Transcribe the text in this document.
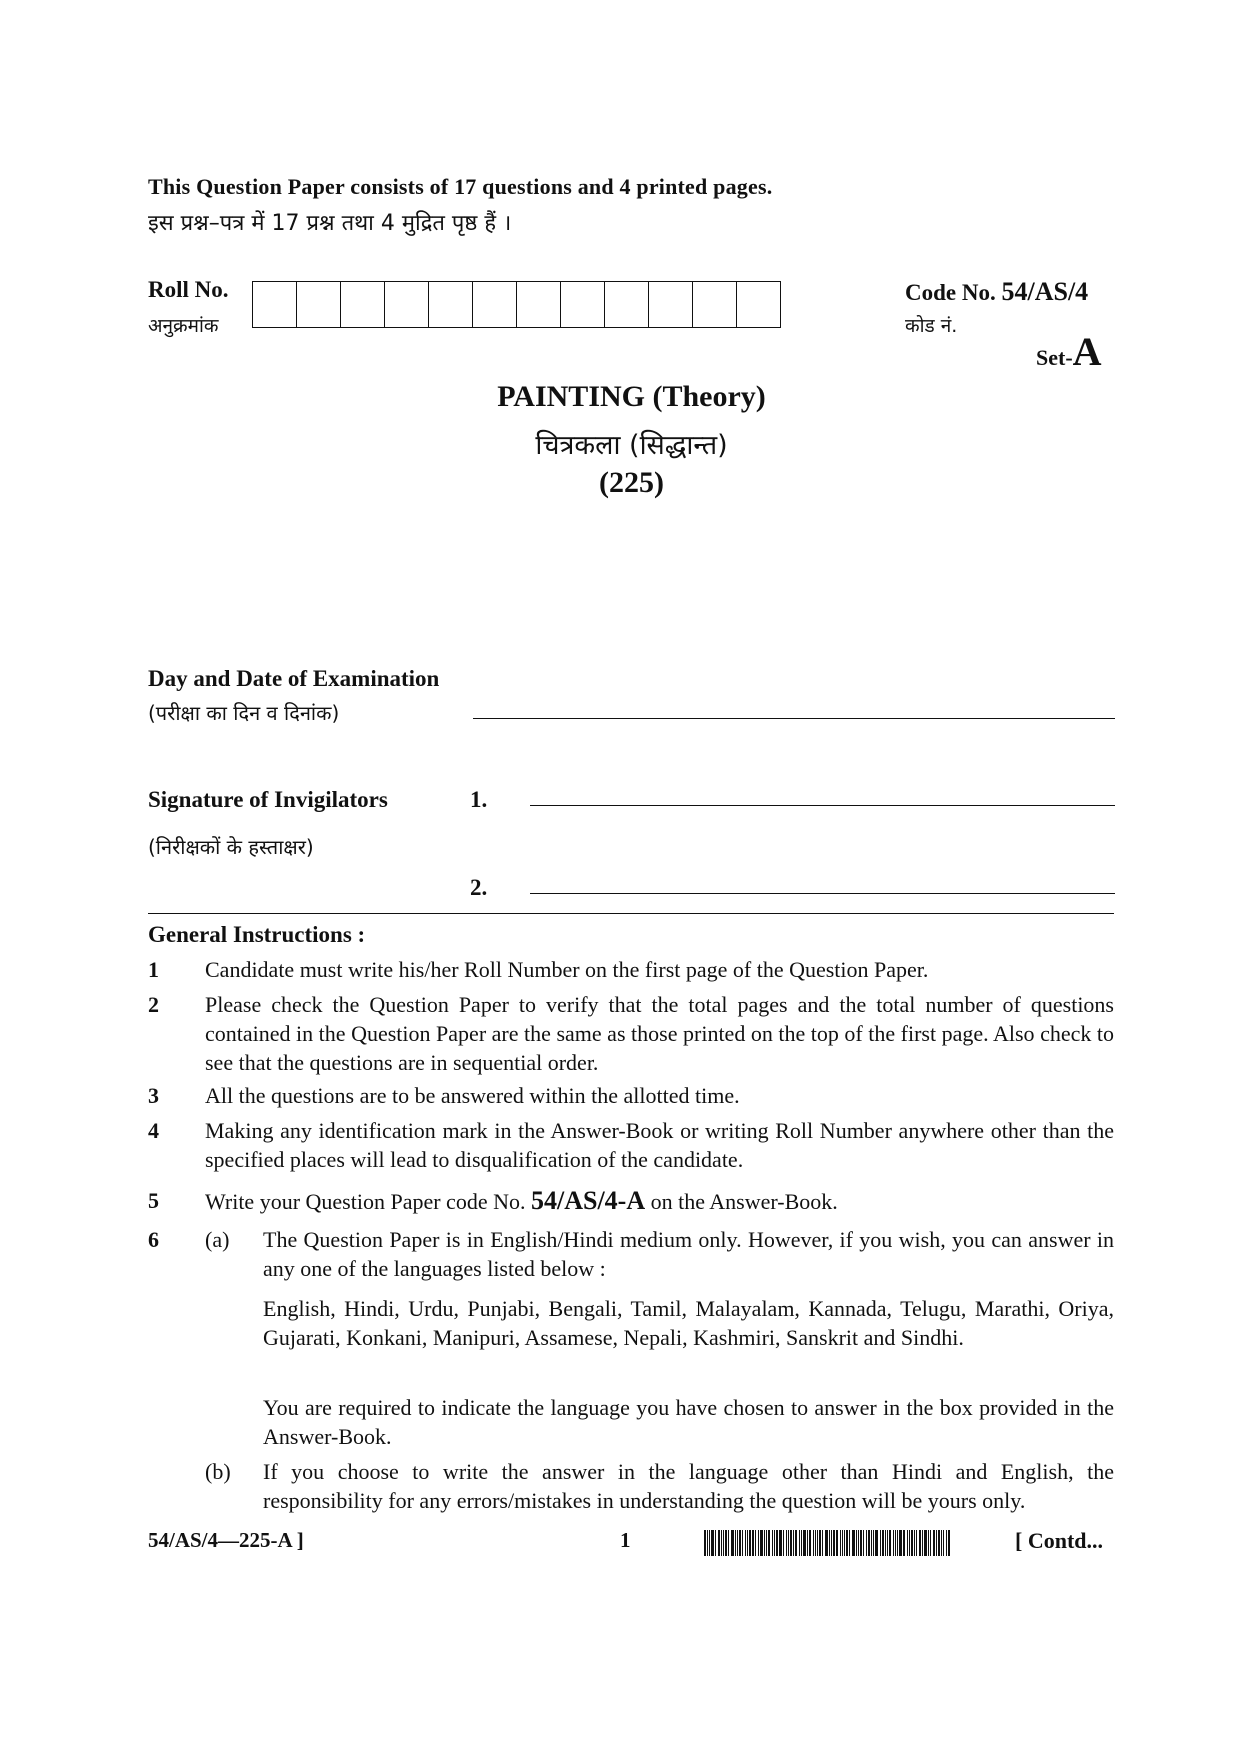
This Question Paper consists of 17 questions and 4 printed pages.
इस प्रश्न–पत्र में 17 प्रश्न तथा 4 मुद्रित पृष्ठ हैं ।
Roll No.
अनुक्रमांक
Code No. 54/AS/4
कोड नं.
Set-A
PAINTING (Theory)
चित्रकला (सिद्धान्त)
(225)
Day and Date of Examination
(परीक्षा का दिन व दिनांक)
Signature of Invigilators
(निरीक्षकों के हस्ताक्षर)
1.
2.
General Instructions :
1 Candidate must write his/her Roll Number on the first page of the Question Paper.
2 Please check the Question Paper to verify that the total pages and the total number of questions contained in the Question Paper are the same as those printed on the top of the first page. Also check to see that the questions are in sequential order.
3 All the questions are to be answered within the allotted time.
4 Making any identification mark in the Answer-Book or writing Roll Number anywhere other than the specified places will lead to disqualification of the candidate.
5 Write your Question Paper code No. 54/AS/4-A on the Answer-Book.
6 (a) The Question Paper is in English/Hindi medium only. However, if you wish, you can answer in any one of the languages listed below :
English, Hindi, Urdu, Punjabi, Bengali, Tamil, Malayalam, Kannada, Telugu, Marathi, Oriya, Gujarati, Konkani, Manipuri, Assamese, Nepali, Kashmiri, Sanskrit and Sindhi.
You are required to indicate the language you have chosen to answer in the box provided in the Answer-Book.
(b) If you choose to write the answer in the language other than Hindi and English, the responsibility for any errors/mistakes in understanding the question will be yours only.
54/AS/4—225-A ]	1	[ Contd...
